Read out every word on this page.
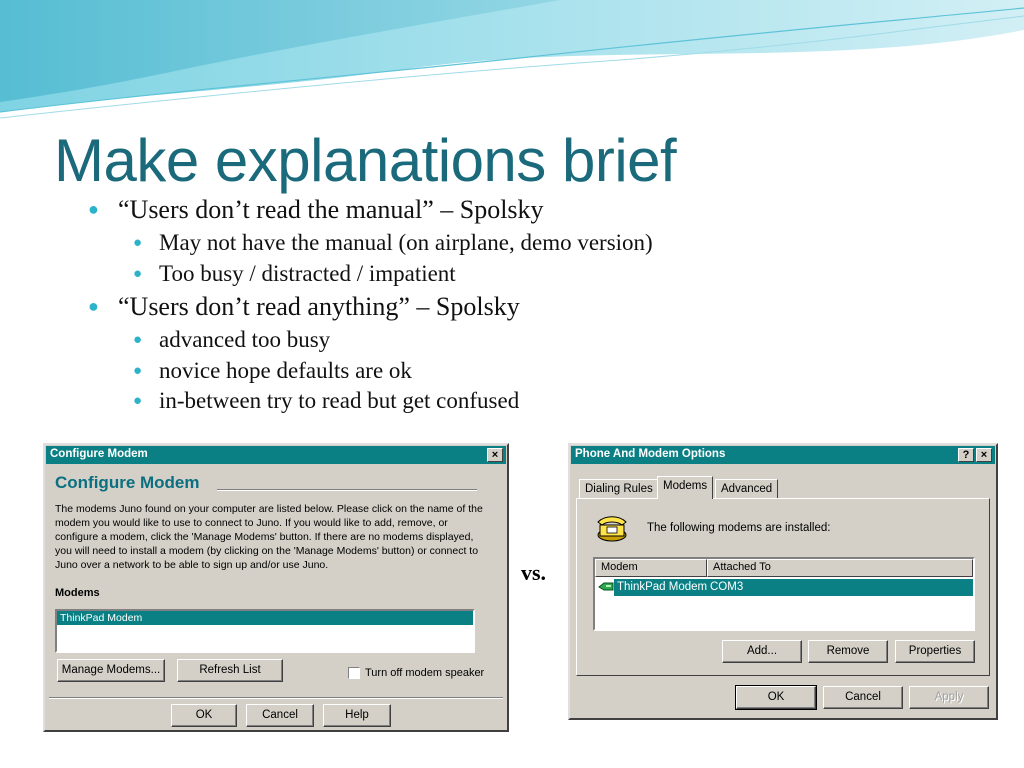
Make explanations brief
● “Users don’t read the manual” – Spolsky
● May not have the manual (on airplane, demo version)
● Too busy / distracted / impatient
● “Users don’t read anything” – Spolsky
● advanced too busy
● novice hope defaults are ok
● in-between try to read but get confused
Configure Modem	×
Configure Modem
The modems Juno found on your computer are listed below. Please click on the name of the
modem you would like to use to connect to Juno. If you would like to add, remove, or
configure a modem, click the 'Manage Modems' button. If there are no modems displayed,
you will need to install a modem (by clicking on the 'Manage Modems' button) or connect to
Juno over a network to be able to sign up and/or use Juno.
Modems
ThinkPad Modem
Manage Modems...	Refresh List	Turn off modem speaker
OK	Cancel	Help
vs.
Phone And Modem Options	?	×
Dialing Rules Modems	Advanced
The following modems are installed:
Modem	Attached To
ThinkPad Modem COM3
Add...	Remove	Properties
OK	Cancel	Apply
